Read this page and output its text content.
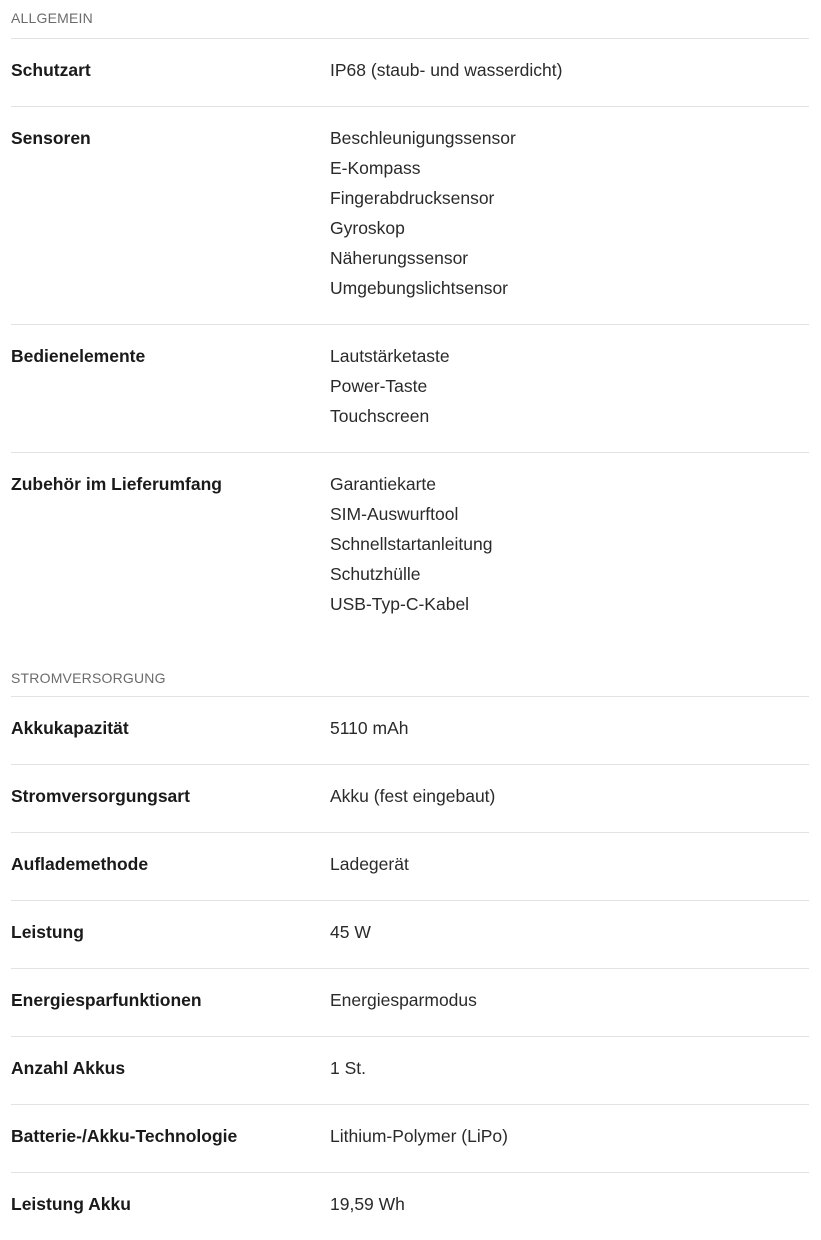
ALLGEMEIN
Schutzart	IP68 (staub- und wasserdicht)
Sensoren	Beschleunigungssensor
E-Kompass
Fingerabdrucksensor
Gyroskop
Näherungssensor
Umgebungslichtsensor
Bedienelemente	Lautstärketaste
Power-Taste
Touchscreen
Zubehör im Lieferumfang	Garantiekarte
SIM-Auswurftool
Schnellstartanleitung
Schutzhülle
USB-Typ-C-Kabel
STROMVERSORGUNG
Akkukapazität	5110 mAh
Stromversorgungsart	Akku (fest eingebaut)
Auflademethode	Ladegerät
Leistung	45 W
Energiesparfunktionen	Energiesparmodus
Anzahl Akkus	1 St.
Batterie-/Akku-Technologie	Lithium-Polymer (LiPo)
Leistung Akku	19,59 Wh
